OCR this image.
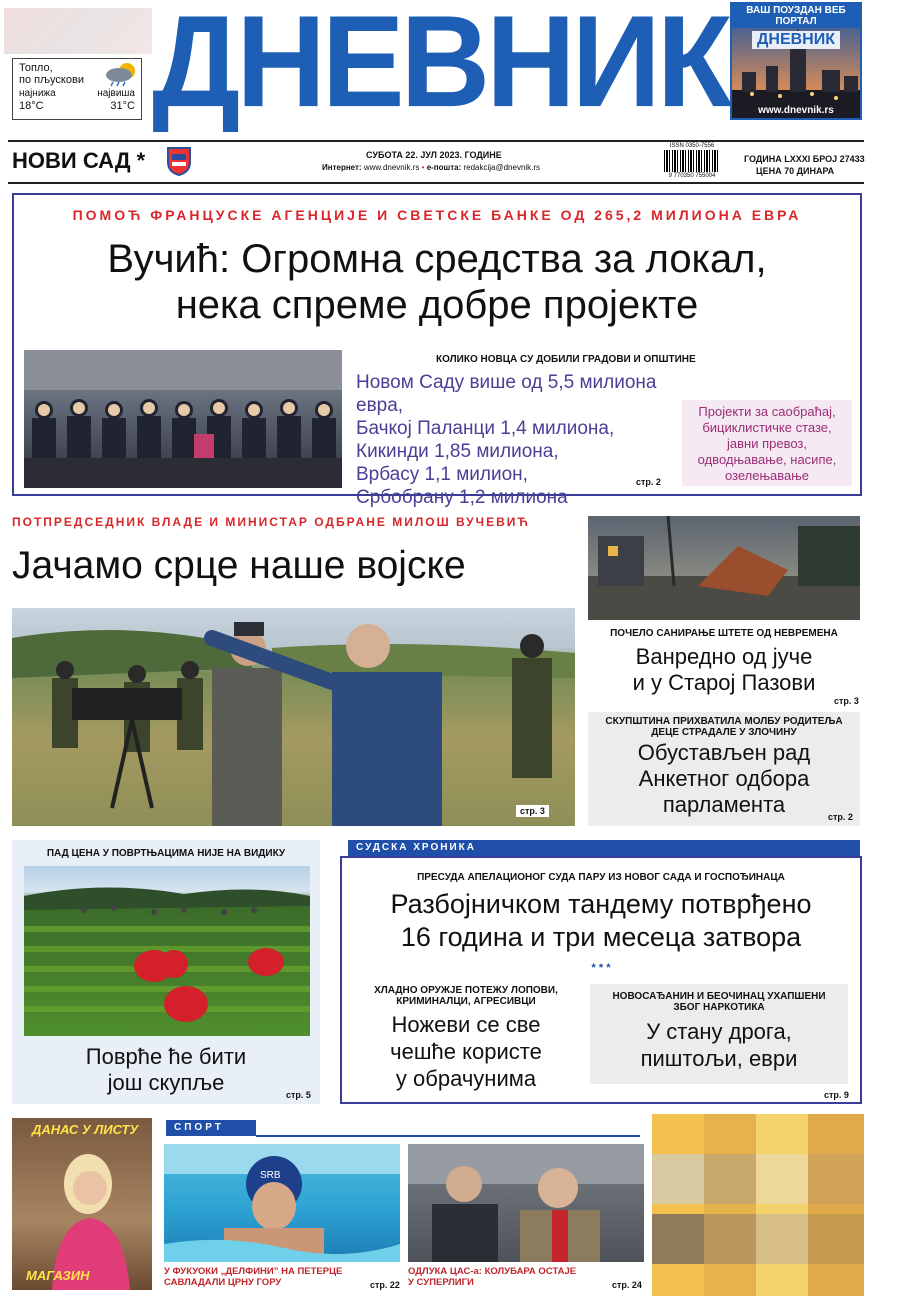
Топло,
по пљускови
најнижа	највиша
18°C	31°C ДНЕВНИК	ВАШ ПОУЗДАН ВЕБ ПОРТАЛ
ДНЕВНИК
www.dnevnik.rs
НОВИ САД *	СУБОТА 22. ЈУЛ 2023. ГОДИНЕ
Интернет: www.dnevnik.rs • е-пошта: redakcija@dnevnik.rs
ISSN 0350-7556
9 770350 755004
ГОДИНА LXXXI БРОЈ 27433
ЦЕНА 70 ДИНАРА
ПОМОЋ ФРАНЦУСКЕ АГЕНЦИЈЕ И СВЕТСКЕ БАНКЕ ОД 265,2 МИЛИОНА ЕВРА
Вучић: Огромна средства за локал,
нека спреме добре пројекте
КОЛИКО НОВЦА СУ ДОБИЛИ ГРАДОВИ И ОПШТИНЕ
Новом Саду више од 5,5 милиона евра,
Бачкој Паланци 1,4 милиона,
Кикинди 1,85 милиона,
Врбасу 1,1 милион,
Србобрану 1,2 милиона
Пројекти за саобраћај,
бициклистичке стазе,
јавни превоз,
одводњавање, насипе,
озелењавање
стр. 2
ПОТПРЕДСЕДНИК ВЛАДЕ И МИНИСТАР ОДБРАНЕ МИЛОШ ВУЧЕВИЋ
Јачамо срце наше војске
стр. 3
ПОЧЕЛО САНИРАЊЕ ШТЕТЕ ОД НЕВРЕМЕНА
Ванредно од јуче
и у Старој Пазови
стр. 3
СКУПШТИНА ПРИХВАТИЛА МОЛБУ РОДИТЕЉА
ДЕЦЕ СТРАДАЛЕ У ЗЛОЧИНУ
Обустављен рад
Анкетног одбора
парламента	стр. 2
ПАД ЦЕНА У ПОВРТЊАЦИМА НИЈЕ НА ВИДИКУ
Поврће ће бити
још скупље	стр. 5
СУДСКА ХРОНИКА
ПРЕСУДА АПЕЛАЦИОНОГ СУДА ПАРУ ИЗ НОВОГ САДА И ГОСПОЂИНАЦА
Разбојничком тандему потврђено
16 година и три месеца затвора
* * *
ХЛАДНО ОРУЖЈЕ ПОТЕЖУ ЛОПОВИ,
КРИМИНАЛЦИ, АГРЕСИВЦИ
Ножеви се све
чешће користе
у обрачунима
НОВОСАЂАНИН И БЕОЧИНАЦ УХАПШЕНИ
ЗБОГ НАРКОТИКА
У стану дрога,
пиштољи, еври
стр. 9
ДАНАС У ЛИСТУ
МАГАЗИН
СПОРТ
SRB
У ФУКУОКИ „ДЕЛФИНИ” НА ПЕТЕРЦЕ
САВЛАДАЛИ ЦРНУ ГОРУ	стр. 22
ОДЛУКА ЦАС-а: КОЛУБАРА ОСТАЈЕ
У СУПЕРЛИГИ	стр. 24
